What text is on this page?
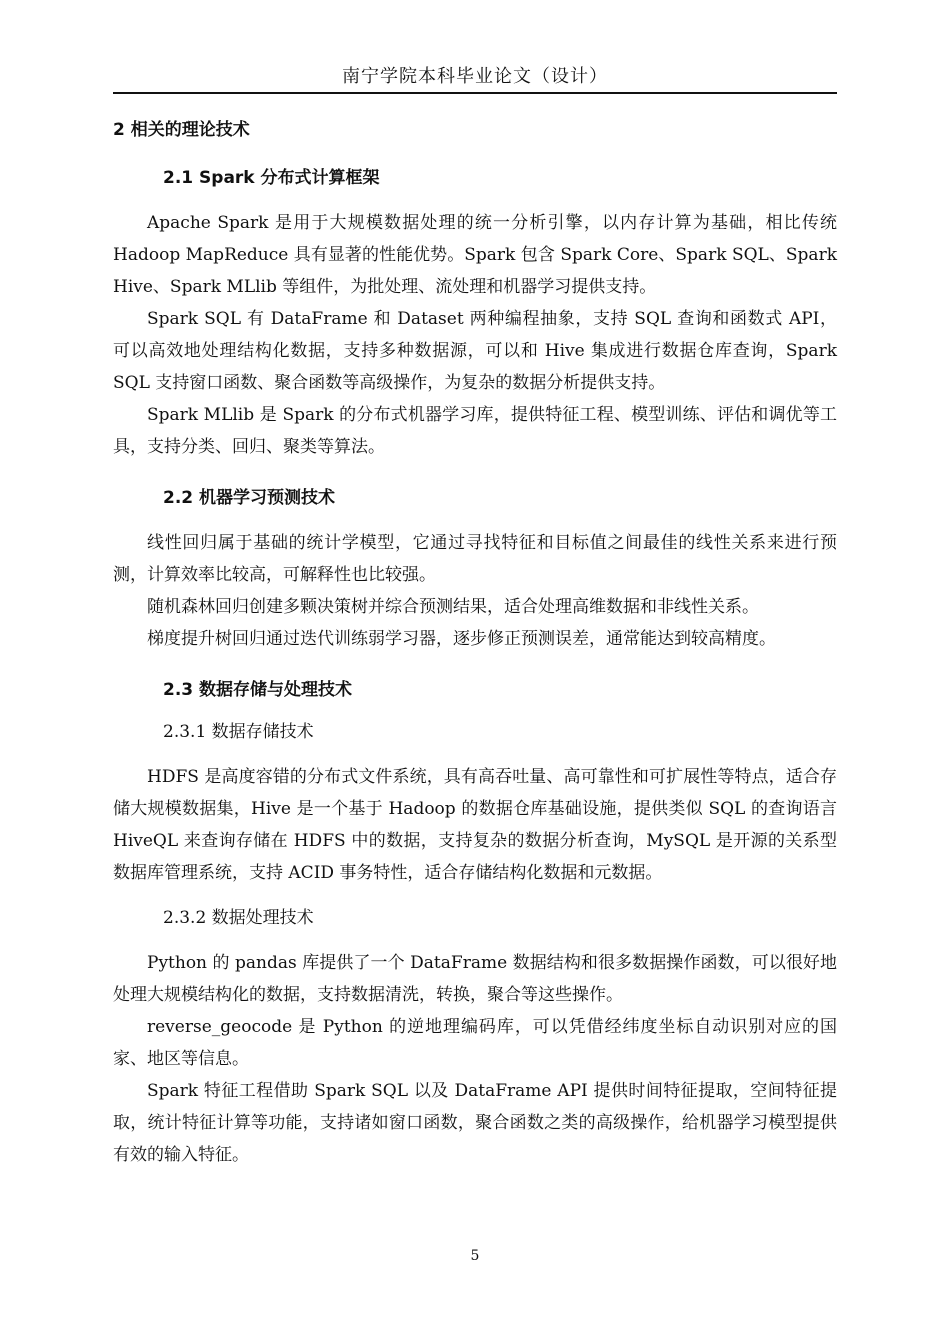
南宁学院本科毕业论文（设计）
2 相关的理论技术
2.1 Spark 分布式计算框架

Apache Spark 是用于大规模数据处理的统一分析引擎，以内存计算为基础，相比传统 Hadoop MapReduce 具有显著的性能优势。Spark 包含 Spark Core、Spark SQL、Spark Hive、Spark MLlib 等组件，为批处理、流处理和机器学习提供支持。

Spark SQL 有 DataFrame 和 Dataset 两种编程抽象，支持 SQL 查询和函数式 API，可以高效地处理结构化数据，支持多种数据源，可以和 Hive 集成进行数据仓库查询，Spark SQL 支持窗口函数、聚合函数等高级操作，为复杂的数据分析提供支持。

Spark MLlib 是 Spark 的分布式机器学习库，提供特征工程、模型训练、评估和调优等工具，支持分类、回归、聚类等算法。

2.2 机器学习预测技术

线性回归属于基础的统计学模型，它通过寻找特征和目标值之间最佳的线性关系来进行预测，计算效率比较高，可解释性也比较强。

随机森林回归创建多颗决策树并综合预测结果，适合处理高维数据和非线性关系。

梯度提升树回归通过迭代训练弱学习器，逐步修正预测误差，通常能达到较高精度。

2.3 数据存储与处理技术
2.3.1 数据存储技术

HDFS 是高度容错的分布式文件系统，具有高吞吐量、高可靠性和可扩展性等特点，适合存储大规模数据集，Hive 是一个基于 Hadoop 的数据仓库基础设施，提供类似 SQL 的查询语言 HiveQL 来查询存储在 HDFS 中的数据，支持复杂的数据分析查询，MySQL 是开源的关系型数据库管理系统，支持 ACID 事务特性，适合存储结构化数据和元数据。

2.3.2 数据处理技术

Python 的 pandas 库提供了一个 DataFrame 数据结构和很多数据操作函数，可以很好地处理大规模结构化的数据，支持数据清洗，转换，聚合等这些操作。

reverse_geocode 是 Python 的逆地理编码库，可以凭借经纬度坐标自动识别对应的国家、地区等信息。

Spark 特征工程借助 Spark SQL 以及 DataFrame API 提供时间特征提取，空间特征提取，统计特征计算等功能，支持诸如窗口函数，聚合函数之类的高级操作，给机器学习模型提供有效的输入特征。

5
